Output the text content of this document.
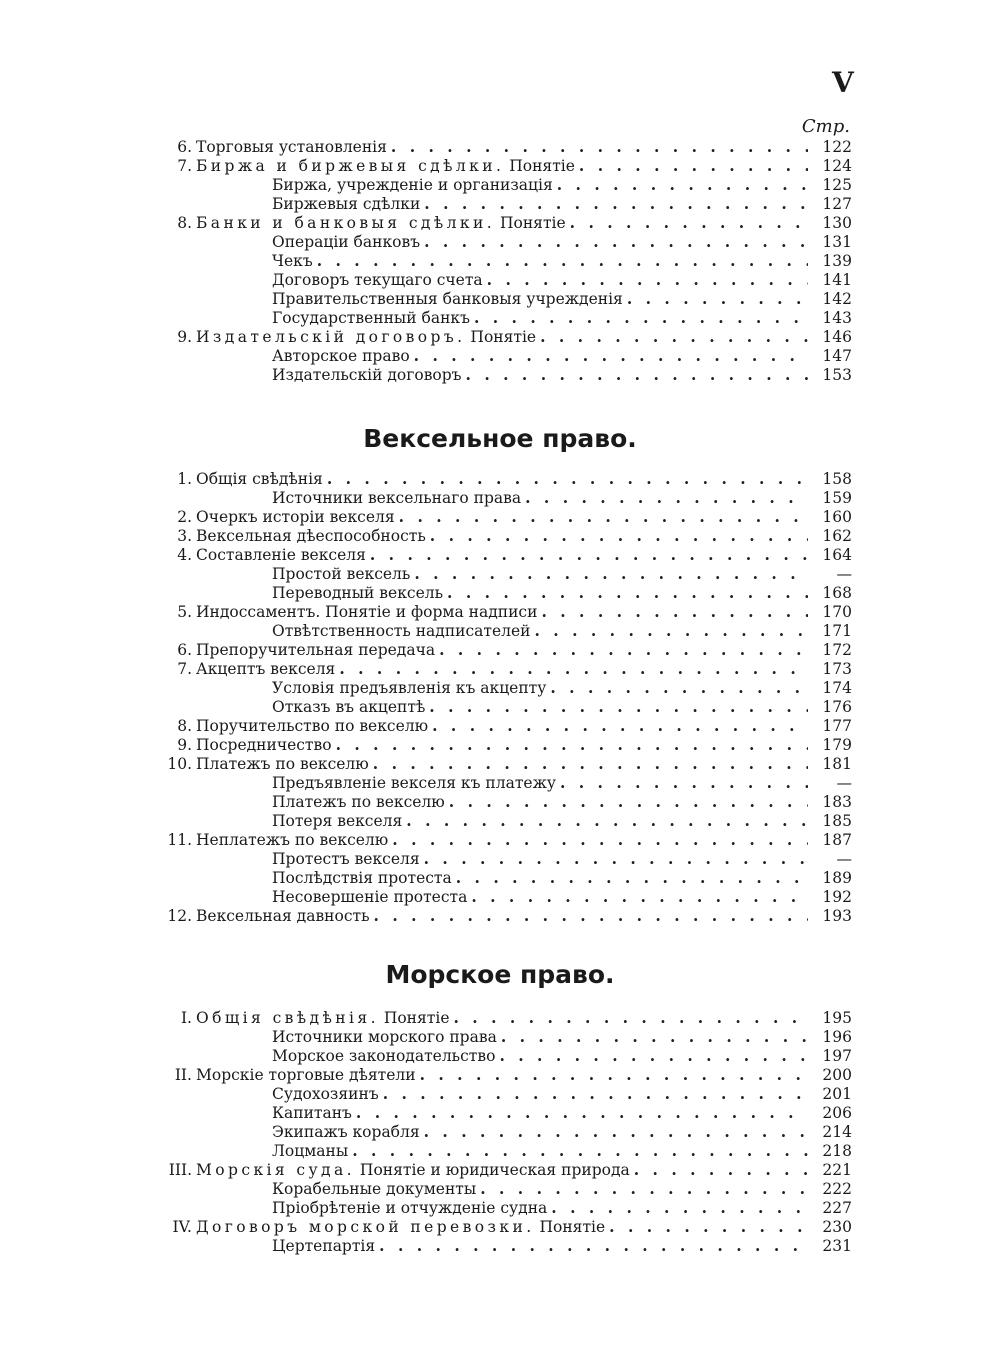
V
Стр.
6. Торговыя установленія . . .	122
7. Биржа и биржевыя сдѣлки. Понятіе . . .	124
Биржа, учрежденіе и организація . . .	125
Биржевыя сдѣлки . . .	127
8. Банки и банковыя сдѣлки. Понятіе . . .	130
Операціи банковъ . . .	131
Чекъ . . .	139
Договоръ текущаго счета . . .	141
Правительственныя банковыя учрежденія . . .	142
Государственный банкъ . . .	143
9. Издательскій договоръ. Понятіе . . .	146
Авторское право . . .	147
Издательскій договоръ . . .	153
Вексельное право.
1. Общія свѣдѣнія . . .	158
Источники вексельнаго права . . .	159
2. Очеркъ исторіи векселя . . .	160
3. Вексельная дѣеспособность . . .	162
4. Составленіе векселя . . .	164
Простой вексель . . .	—
Переводный вексель . . .	168
5. Индоссаментъ. Понятіе и форма надписи . . .	170
Отвѣтственность надписателей . . .	171
6. Препоручительная передача . . .	172
7. Акцептъ векселя . . .	173
Условія предъявленія къ акцепту . . .	174
Отказъ въ акцептѣ . . .	176
8. Поручительство по векселю . . .	177
9. Посредничество . . .	179
10. Платежъ по векселю . . .	181
Предъявленіе векселя къ платежу . . .	—
Платежъ по векселю . . .	183
Потеря векселя . . .	185
11. Неплатежъ по векселю . . .	187
Протестъ векселя . . .	—
Послѣдствія протеста . . .	189
Несовершеніе протеста . . .	192
12. Вексельная давность . . .	193
Морское право.
I. Общія свѣдѣнія. Понятіе . . .	195
Источники морского права . . .	196
Морское законодательство . . .	197
II. Морскіе торговые дѣятели . . .	200
Судохозяинъ . . .	201
Капитанъ . . .	206
Экипажъ корабля . . .	214
Лоцманы . . .	218
III. Морскія суда. Понятіе и юридическая природа . . .	221
Корабельные документы . . .	222
Пріобрѣтеніе и отчужденіе судна . . .	227
IV. Договоръ морской перевозки. Понятіе . . .	230
Цертепартія . . .	231
